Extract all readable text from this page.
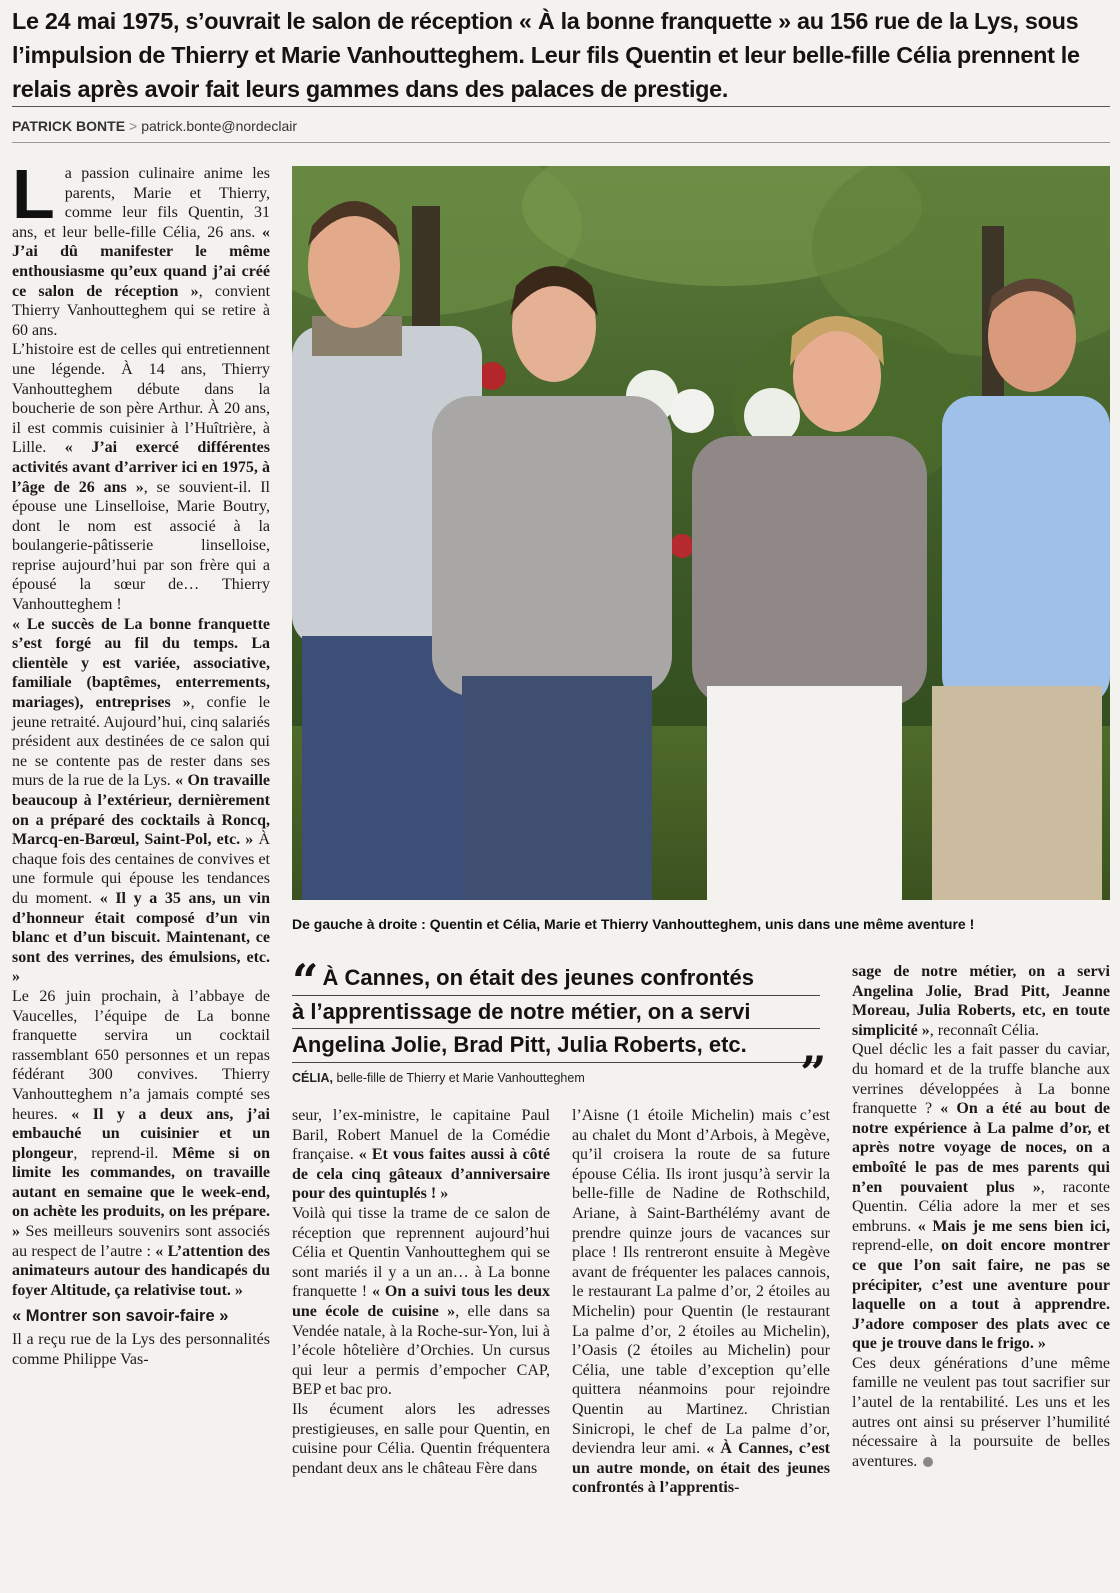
Le 24 mai 1975, s’ouvrait le salon de réception « À la bonne franquette » au 156 rue de la Lys, sous l’impulsion de Thierry et Marie Vanhoutteghem. Leur fils Quentin et leur belle-fille Célia prennent le relais après avoir fait leurs gammes dans des palaces de prestige.
PATRICK BONTE > patrick.bonte@nordeclair

La passion culinaire anime les parents, Marie et Thierry, comme leur fils Quentin, 31 ans, et leur belle-fille Célia, 26 ans. « J’ai dû manifester le même enthousiasme qu’eux quand j’ai créé ce salon de réception », convient Thierry Vanhoutteghem qui se retire à 60 ans.

L’histoire est de celles qui entretiennent une légende. À 14 ans, Thierry Vanhoutteghem débute dans la boucherie de son père Arthur. À 20 ans, il est commis cuisinier à l’Huîtrière, à Lille. « J’ai exercé différentes activités avant d’arriver ici en 1975, à l’âge de 26 ans », se souvient-il. Il épouse une Linselloise, Marie Boutry, dont le nom est associé à la boulangerie-pâtisserie linselloise, reprise aujourd’hui par son frère qui a épousé la sœur de… Thierry Vanhoutteghem !

« Le succès de La bonne franquette s’est forgé au fil du temps. La clientèle y est variée, associative, familiale (baptêmes, enterrements, mariages), entreprises », confie le jeune retraité. Aujourd’hui, cinq salariés président aux destinées de ce salon qui ne se contente pas de rester dans ses murs de la rue de la Lys. « On travaille beaucoup à l’extérieur, dernièrement on a préparé des cocktails à Roncq, Marcq-en-Barœul, Saint-Pol, etc. » À chaque fois des centaines de convives et une formule qui épouse les tendances du moment. « Il y a 35 ans, un vin d’honneur était composé d’un vin blanc et d’un biscuit. Maintenant, ce sont des verrines, des émulsions, etc. »

Le 26 juin prochain, à l’abbaye de Vaucelles, l’équipe de La bonne franquette servira un cocktail rassemblant 650 personnes et un repas fédérant 300 convives. Thierry Vanhoutteghem n’a jamais compté ses heures. « Il y a deux ans, j’ai embauché un cuisinier et un plongeur, reprend-il. Même si on limite les commandes, on travaille autant en semaine que le week-end, on achète les produits, on les prépare. » Ses meilleurs souvenirs sont associés au respect de l’autre : « L’attention des animateurs autour des handicapés du foyer Altitude, ça relativise tout. »

« Montrer son savoir-faire »

Il a reçu rue de la Lys des personnalités comme Philippe Vas-

De gauche à droite : Quentin et Célia, Marie et Thierry Vanhoutteghem, unis dans une même aventure !
“ À Cannes, on était des jeunes confrontés
à l’apprentissage de notre métier, on a servi
Angelina Jolie, Brad Pitt, Julia Roberts, etc.
”
CÉLIA, belle-fille de Thierry et Marie Vanhoutteghem

seur, l’ex-ministre, le capitaine Paul Baril, Robert Manuel de la Comédie française. « Et vous faites aussi à côté de cela cinq gâteaux d’anniversaire pour des quintuplés ! »

Voilà qui tisse la trame de ce salon de réception que reprennent aujourd’hui Célia et Quentin Vanhoutteghem qui se sont mariés il y a un an… à La bonne franquette ! « On a suivi tous les deux une école de cuisine », elle dans sa Vendée natale, à la Roche-sur-Yon, lui à l’école hôtelière d’Orchies. Un cursus qui leur a permis d’empocher CAP, BEP et bac pro.

Ils écument alors les adresses prestigieuses, en salle pour Quentin, en cuisine pour Célia. Quentin fréquentera pendant deux ans le château Fère dans

l’Aisne (1 étoile Michelin) mais c’est au chalet du Mont d’Arbois, à Megève, qu’il croisera la route de sa future épouse Célia. Ils iront jusqu’à servir la belle-fille de Nadine de Rothschild, Ariane, à Saint-Barthélémy avant de prendre quinze jours de vacances sur place ! Ils rentreront ensuite à Megève avant de fréquenter les palaces cannois, le restaurant La palme d’or, 2 étoiles au Michelin) pour Quentin (le restaurant La palme d’or, 2 étoiles au Michelin), l’Oasis (2 étoiles au Michelin) pour Célia, une table d’exception qu’elle quittera néanmoins pour rejoindre Quentin au Martinez. Christian Sinicropi, le chef de La palme d’or, deviendra leur ami. « À Cannes, c’est un autre monde, on était des jeunes confrontés à l’apprentis-

sage de notre métier, on a servi Angelina Jolie, Brad Pitt, Jeanne Moreau, Julia Roberts, etc, en toute simplicité », reconnaît Célia.

Quel déclic les a fait passer du caviar, du homard et de la truffe blanche aux verrines développées à La bonne franquette ? « On a été au bout de notre expérience à La palme d’or, et après notre voyage de noces, on a emboîté le pas de mes parents qui n’en pouvaient plus », raconte Quentin. Célia adore la mer et ses embruns. « Mais je me sens bien ici, reprend-elle, on doit encore montrer ce que l’on sait faire, ne pas se précipiter, c’est une aventure pour laquelle on a tout à apprendre. J’adore composer des plats avec ce que je trouve dans le frigo. »

Ces deux générations d’une même famille ne veulent pas tout sacrifier sur l’autel de la rentabilité. Les uns et les autres ont ainsi su préserver l’humilité nécessaire à la poursuite de belles aventures.
